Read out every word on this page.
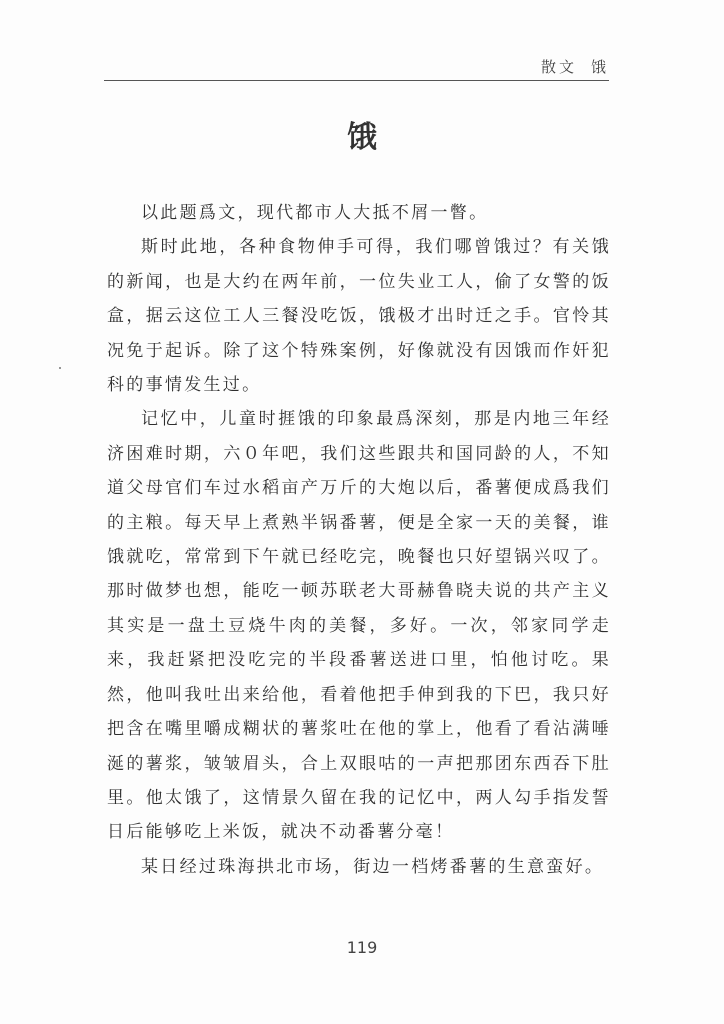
散文 饿
饿

以此题爲文，现代都市人大抵不屑一瞥。

斯时此地，各种食物伸手可得，我们哪曾饿过？有关饿的新闻，也是大约在两年前，一位失业工人，偷了女警的饭盒，据云这位工人三餐没吃饭，饿极才出时迁之手。官怜其况免于起诉。除了这个特殊案例，好像就没有因饿而作奸犯科的事情发生过。

记忆中，儿童时捱饿的印象最爲深刻，那是内地三年经济困难时期，六０年吧，我们这些跟共和国同龄的人，不知道父母官们车过水稻亩产万斤的大炮以后，番薯便成爲我们的主粮。每天早上煮熟半锅番薯，便是全家一天的美餐，谁饿就吃，常常到下午就已经吃完，晚餐也只好望锅兴叹了。那时做梦也想，能吃一顿苏联老大哥赫鲁晓夫说的共产主义其实是一盘土豆烧牛肉的美餐，多好。一次，邻家同学走来，我赶紧把没吃完的半段番薯送进口里，怕他讨吃。果然，他叫我吐出来给他，看着他把手伸到我的下巴，我只好把含在嘴里嚼成糊状的薯浆吐在他的掌上，他看了看沾满唾涎的薯浆，皱皱眉头，合上双眼咕的一声把那团东西吞下肚里。他太饿了，这情景久留在我的记忆中，两人勾手指发誓日后能够吃上米饭，就决不动番薯分毫！

某日经过珠海拱北市场，街边一档烤番薯的生意蛮好。

119
